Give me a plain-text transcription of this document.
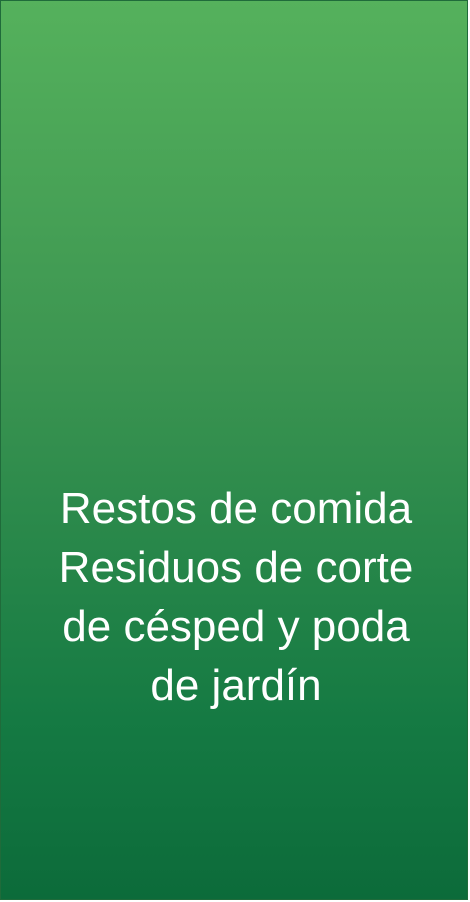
Restos de comida
Residuos de corte
de césped y poda
de jardín
